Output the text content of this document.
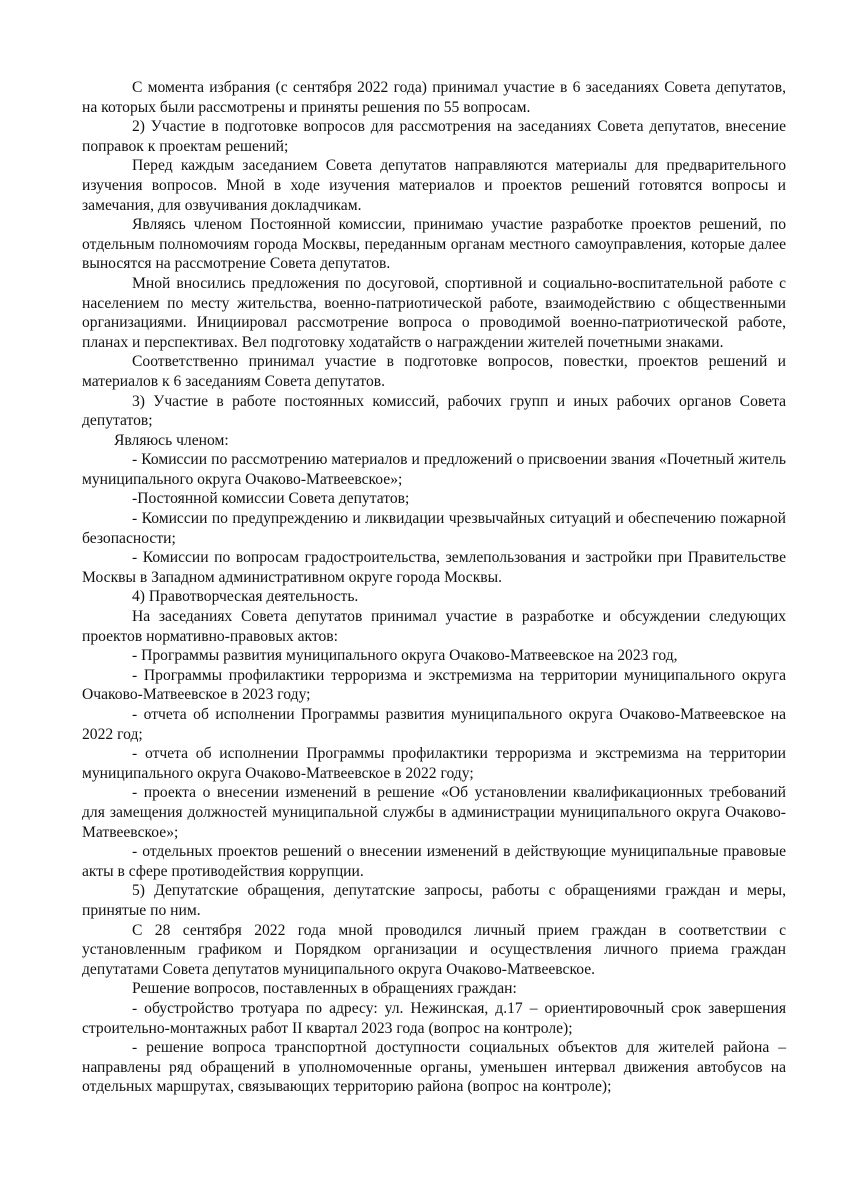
С момента избрания (с сентября 2022 года) принимал участие в 6 заседаниях Совета депутатов, на которых были рассмотрены и приняты решения по 55 вопросам.

2) Участие в подготовке вопросов для рассмотрения на заседаниях Совета депутатов, внесение поправок к проектам решений;

Перед каждым заседанием Совета депутатов направляются материалы для предварительного изучения вопросов. Мной в ходе изучения материалов и проектов решений готовятся вопросы и замечания, для озвучивания докладчикам.

Являясь членом Постоянной комиссии, принимаю участие разработке проектов решений, по отдельным полномочиям города Москвы, переданным органам местного самоуправления, которые далее выносятся на рассмотрение Совета депутатов.

Мной вносились предложения по досуговой, спортивной и социально-воспитательной работе с населением по месту жительства, военно-патриотической работе, взаимодействию с общественными организациями. Инициировал рассмотрение вопроса о проводимой военно-патриотической работе, планах и перспективах. Вел подготовку ходатайств о награждении жителей почетными знаками.

Соответственно принимал участие в подготовке вопросов, повестки, проектов решений и материалов к 6 заседаниям Совета депутатов.

3) Участие в работе постоянных комиссий, рабочих групп и иных рабочих органов Совета депутатов;

Являюсь членом:

- Комиссии по рассмотрению материалов и предложений о присвоении звания «Почетный житель муниципального округа Очаково-Матвеевское»;

-Постоянной комиссии Совета депутатов;

- Комиссии по предупреждению и ликвидации чрезвычайных ситуаций и обеспечению пожарной безопасности;

- Комиссии по вопросам градостроительства, землепользования и застройки при Правительстве Москвы в Западном административном округе города Москвы.

4) Правотворческая деятельность.

На заседаниях Совета депутатов принимал участие в разработке и обсуждении следующих проектов нормативно-правовых актов:

- Программы развития муниципального округа Очаково-Матвеевское на 2023 год,

- Программы профилактики терроризма и экстремизма на территории муниципального округа Очаково-Матвеевское в 2023 году;

- отчета об исполнении Программы развития муниципального округа Очаково-Матвеевское на 2022 год;

- отчета об исполнении Программы профилактики терроризма и экстремизма на территории муниципального округа Очаково-Матвеевское в 2022 году;

- проекта о внесении изменений в решение «Об установлении квалификационных требований для замещения должностей муниципальной службы в администрации муниципального округа Очаково-Матвеевское»;

- отдельных проектов решений о внесении изменений в действующие муниципальные правовые акты в сфере противодействия коррупции.

5) Депутатские обращения, депутатские запросы, работы с обращениями граждан и меры, принятые по ним.

С 28 сентября 2022 года мной проводился личный прием граждан в соответствии с установленным графиком и Порядком организации и осуществления личного приема граждан депутатами Совета депутатов муниципального округа Очаково-Матвеевское.

Решение вопросов, поставленных в обращениях граждан:

- обустройство тротуара по адресу: ул. Нежинская, д.17 – ориентировочный срок завершения строительно-монтажных работ II квартал 2023 года (вопрос на контроле);

- решение вопроса транспортной доступности социальных объектов для жителей района – направлены ряд обращений в уполномоченные органы, уменьшен интервал движения автобусов на отдельных маршрутах, связывающих территорию района (вопрос на контроле);
